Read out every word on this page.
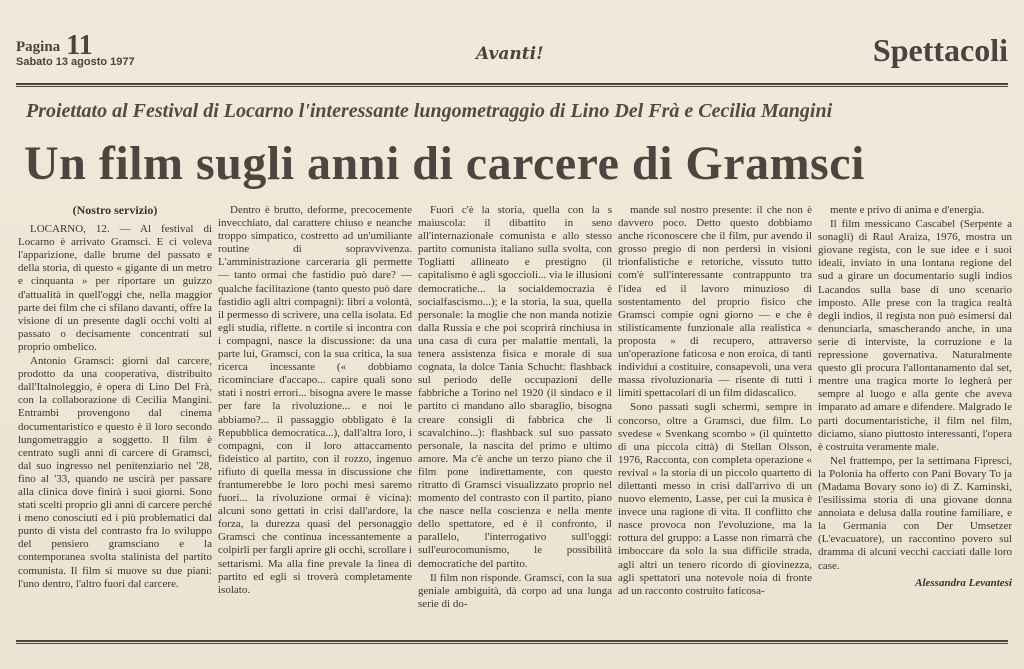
Pagina 11
Sabato 13 agosto 1977	Avanti!	Spettacoli
Proiettato al Festival di Locarno l'interessante lungometraggio di Lino Del Frà e Cecilia Mangini
Un film sugli anni di carcere di Gramsci

(Nostro servizio)

LOCARNO, 12. — Al festival di Locarno è arrivato Gramsci. E ci voleva l'apparizione, dalle brume del passato e della storia, di questo « gigante di un metro e cinquanta » per riportare un guizzo d'attualità in quell'oggi che, nella maggior parte dei film che ci sfilano davanti, offre la visione di un presente dagli occhi volti al passato o decisamente concentrati sul proprio ombelico.

Antonio Gramsci: giorni dal carcere, prodotto da una cooperativa, distribuito dall'Italnoleggio, è opera di Lino Del Frà, con la collaborazione di Cecilia Mangini. Entrambi provengono dal cinema documentaristico e questo è il loro secondo lungometraggio a soggetto. Il film è centrato sugli anni di carcere di Gramsci, dal suo ingresso nel penitenziario nel '28, fino al '33, quando ne uscirà per passare alla clinica dove finirà i suoi giorni. Sono stati scelti proprio gli anni di carcere perché i meno conosciuti ed i più problematici dal punto di vista del contrasto fra lo sviluppo del pensiero gramsciano e la contemporanea svolta stalinista del partito comunista. Il film si muove su due piani: l'uno dentro, l'altro fuori dal carcere.

Dentro è brutto, deforme, precocemente invecchiato, dal carattere chiuso e neanche troppo simpatico, costretto ad un'umiliante routine di sopravvivenza. L'amministrazione carceraria gli permette — tanto ormai che fastidio può dare? — qualche facilitazione (tanto questo può dare fastidio agli altri compagni): libri a volontà, il permesso di scrivere, una cella isolata. Ed egli studia, riflette. n cortile si incontra con i compagni, nasce la discussione: da una parte lui, Gramsci, con la sua critica, la sua ricerca incessante (« dobbiamo ricominciare d'accapo... capire quali sono stati i nostri errori... bisogna avere le masse per fare la rivoluzione... e noi le abbiamo?... il passaggio obbligato è la Repubblica democratica...), dall'altra loro, i compagni, con il loro attaccamento fideistico al partito, con il rozzo, ingenuo rifiuto di quella messa in discussione che frantumerebbe le loro pochi mesi saremo fuori... la rivoluzione ormai è vicina): alcuni sono gettati in crisi dall'ardore, la forza, la durezza quasi del personaggio Gramsci che continua incessantemente a colpirli per fargli aprire gli occhi, scrollare i settarismi. Ma alla fine prevale la linea di partito ed egli si troverà completamente isolato.

Fuori c'è la storia, quella con la s maiuscola: il dibattito in seno all'internazionale comunista e allo stesso partito comunista italiano sulla svolta, con Togliatti allineato e prestigno (il capitalismo è agli sgoccioli... via le illusioni democratiche... la socialdemocrazia è socialfascismo...); e la storia, la sua, quella personale: la moglie che non manda notizie dalla Russia e che poi scoprirà rinchiusa in una casa di cura per malattie mentali, la tenera assistenza fisica e morale di sua cognata, la dolce Tania Schucht: flashback sul periodo delle occupazioni delle fabbriche a Torino nel 1920 (il sindaco e il partito ci mandano allo sbaraglio, bisogna creare consigli di fabbrica che li scavalchino...): flashback sul suo passato personale, la nascita del primo e ultimo amore. Ma c'è anche un terzo piano che il film pone indirettamente, con questo ritratto di Gramsci visualizzato proprio nel momento del contrasto con il partito, piano che nasce nella coscienza e nella mente dello spettatore, ed è il confronto, il parallelo, l'interrogativo sull'oggi: sull'eurocomunismo, le possibilità democratiche del partito.

Il film non risponde. Gramsci, con la sua geniale ambiguità, dà corpo ad una lunga serie di do-

mande sul nostro presente: il che non è davvero poco. Detto questo dobbiamo anche riconoscere che il film, pur avendo il grosso pregio di non perdersi in visioni trionfalistiche e retoriche, vissuto tutto com'è sull'interessante contrappunto tra l'idea ed il lavoro minuzioso di sostentamento del proprio fisico che Gramsci compie ogni giorno — e che è stilisticamente funzionale alla realistica « proposta » di recupero, attraverso un'operazione faticosa e non eroica, di tanti individui a costituire, consapevoli, una vera massa rivoluzionaria — risente di tutti i limiti spettacolari di un film didascalico.

Sono passati sugli schermi, sempre in concorso, oltre a Gramsci, due film. Lo svedese « Svenkang scombo » (il quintetto di una piccola città) di Stellan Olsson, 1976, Racconta, con completa operazione « revival » la storia di un piccolo quartetto di dilettanti messo in crisi dall'arrivo di un nuovo elemento, Lasse, per cui la musica è invece una ragione di vita. Il conflitto che nasce provoca non l'evoluzione, ma la rottura del gruppo: a Lasse non rimarrà che imboccare da solo la sua difficile strada, agli altri un tenero ricordo di giovinezza, agli spettatori una notevole noia di fronte ad un racconto costruito faticosa-

mente e privo di anima e d'energia.

Il film messicano Cascabel (Serpente a sonagli) di Raul Araiza, 1976, mostra un giovane regista, con le sue idee e i suoi ideali, inviato in una lontana regione del sud a girare un documentario sugli indios Lacandos sulla base di uno scenario imposto. Alle prese con la tragica realtà degli indios, il regista non può esimersi dal denunciarla, smascherando anche, in una serie di interviste, la corruzione e la repressione governativa. Naturalmente questo gli procura l'allontanamento dal set, mentre una tragica morte lo legherà per sempre al luogo e alla gente che aveva imparato ad amare e difendere. Malgrado le parti documentaristiche, il film nel film, diciamo, siano piuttosto interessanti, l'opera è costruita veramente male.

Nel frattempo, per la settimana Fipresci, la Polonia ha offerto con Pani Bovary To ja (Madama Bovary sono io) di Z. Kaminski, l'esilissima storia di una giovane donna annoiata e delusa dalla routine familiare, e la Germania con Der Umsetzer (L'evacuatore), un raccontino povero sul dramma di alcuni vecchi cacciati dalle loro case.

Alessandra Levantesi
